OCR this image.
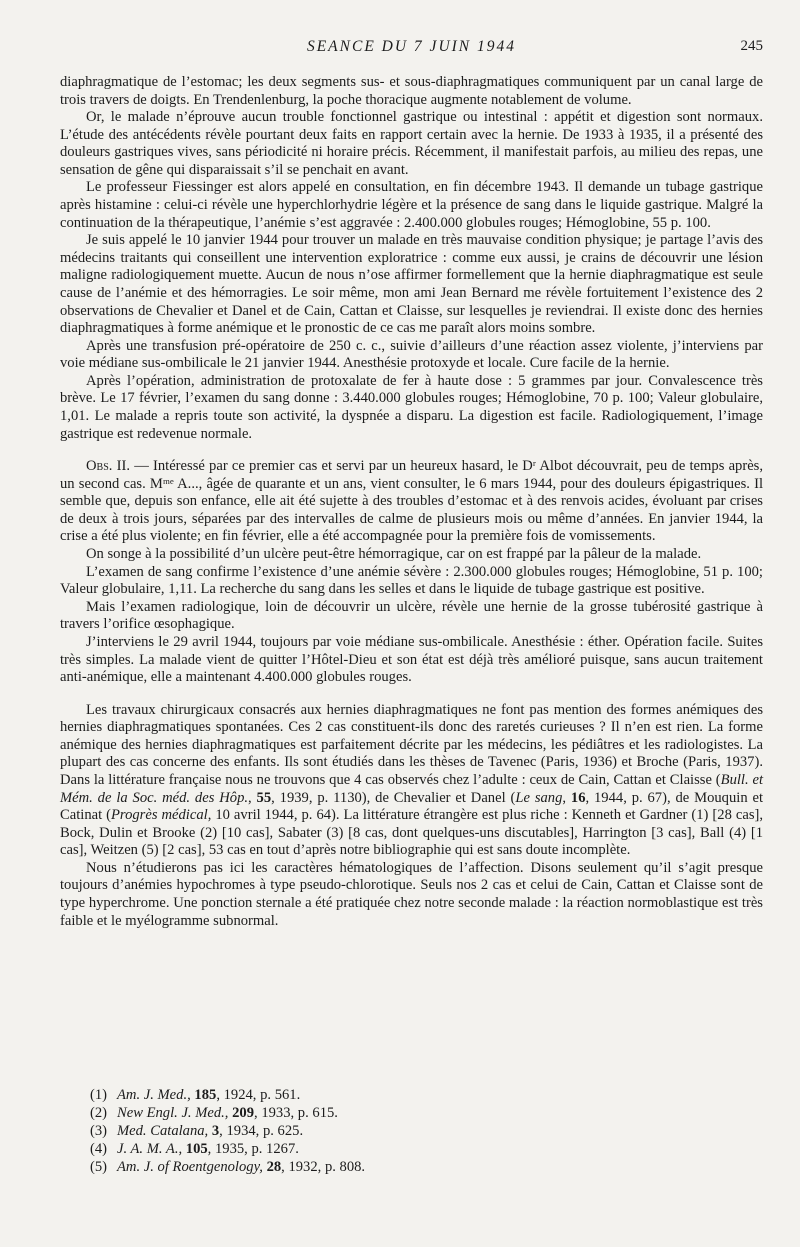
SEANCE DU 7 JUIN 1944	245

diaphragmatique de l’estomac; les deux segments sus- et sous-diaphragmatiques communiquent par un canal large de trois travers de doigts. En Trendenlenburg, la poche thoracique augmente notablement de volume.

Or, le malade n’éprouve aucun trouble fonctionnel gastrique ou intestinal : appétit et digestion sont normaux. L’étude des antécédents révèle pourtant deux faits en rapport certain avec la hernie. De 1933 à 1935, il a présenté des douleurs gastriques vives, sans périodicité ni horaire précis. Récemment, il manifestait parfois, au milieu des repas, une sensation de gêne qui disparaissait s’il se penchait en avant.

Le professeur Fiessinger est alors appelé en consultation, en fin décembre 1943. Il demande un tubage gastrique après histamine : celui-ci révèle une hyperchlorhydrie légère et la présence de sang dans le liquide gastrique. Malgré la continuation de la thérapeutique, l’anémie s’est aggravée : 2.400.000 globules rouges; Hémoglobine, 55 p. 100.

Je suis appelé le 10 janvier 1944 pour trouver un malade en très mauvaise condition physique; je partage l’avis des médecins traitants qui conseillent une intervention exploratrice : comme eux aussi, je crains de découvrir une lésion maligne radiologiquement muette. Aucun de nous n’ose affirmer formellement que la hernie diaphragmatique est seule cause de l’anémie et des hémorragies. Le soir même, mon ami Jean Bernard me révèle fortuitement l’existence des 2 observations de Chevalier et Danel et de Cain, Cattan et Claisse, sur lesquelles je reviendrai. Il existe donc des hernies diaphragmatiques à forme anémique et le pronostic de ce cas me paraît alors moins sombre.

Après une transfusion pré-opératoire de 250 c. c., suivie d’ailleurs d’une réaction assez violente, j’interviens par voie médiane sus-ombilicale le 21 janvier 1944. Anesthésie protoxyde et locale. Cure facile de la hernie.

Après l’opération, administration de protoxalate de fer à haute dose : 5 grammes par jour. Convalescence très brève. Le 17 février, l’examen du sang donne : 3.440.000 globules rouges; Hémoglobine, 70 p. 100; Valeur globulaire, 1,01. Le malade a repris toute son activité, la dyspnée a disparu. La digestion est facile. Radiologiquement, l’image gastrique est redevenue normale.

Obs. II. — Intéressé par ce premier cas et servi par un heureux hasard, le Dʳ Albot découvrait, peu de temps après, un second cas. Mᵐᵉ A..., âgée de quarante et un ans, vient consulter, le 6 mars 1944, pour des douleurs épigastriques. Il semble que, depuis son enfance, elle ait été sujette à des troubles d’estomac et à des renvois acides, évoluant par crises de deux à trois jours, séparées par des intervalles de calme de plusieurs mois ou même d’années. En janvier 1944, la crise a été plus violente; en fin février, elle a été accompagnée pour la première fois de vomissements.

On songe à la possibilité d’un ulcère peut-être hémorragique, car on est frappé par la pâleur de la malade.

L’examen de sang confirme l’existence d’une anémie sévère : 2.300.000 globules rouges; Hémoglobine, 51 p. 100; Valeur globulaire, 1,11. La recherche du sang dans les selles et dans le liquide de tubage gastrique est positive.

Mais l’examen radiologique, loin de découvrir un ulcère, révèle une hernie de la grosse tubérosité gastrique à travers l’orifice œsophagique.

J’interviens le 29 avril 1944, toujours par voie médiane sus-ombilicale. Anesthésie : éther. Opération facile. Suites très simples. La malade vient de quitter l’Hôtel-Dieu et son état est déjà très amélioré puisque, sans aucun traitement anti-anémique, elle a maintenant 4.400.000 globules rouges.

Les travaux chirurgicaux consacrés aux hernies diaphragmatiques ne font pas mention des formes anémiques des hernies diaphragmatiques spontanées. Ces 2 cas constituent-ils donc des raretés curieuses ? Il n’en est rien. La forme anémique des hernies diaphragmatiques est parfaitement décrite par les médecins, les pédiâtres et les radiologistes. La plupart des cas concerne des enfants. Ils sont étudiés dans les thèses de Tavenec (Paris, 1936) et Broche (Paris, 1937). Dans la littérature française nous ne trouvons que 4 cas observés chez l’adulte : ceux de Cain, Cattan et Claisse (Bull. et Mém. de la Soc. méd. des Hôp., 55, 1939, p. 1130), de Chevalier et Danel (Le sang, 16, 1944, p. 67), de Mouquin et Catinat (Progrès médical, 10 avril 1944, p. 64). La littérature étrangère est plus riche : Kenneth et Gardner (1) [28 cas], Bock, Dulin et Brooke (2) [10 cas], Sabater (3) [8 cas, dont quelques-uns discutables], Harrington [3 cas], Ball (4) [1 cas], Weitzen (5) [2 cas], 53 cas en tout d’après notre bibliographie qui est sans doute incomplète.

Nous n’étudierons pas ici les caractères hématologiques de l’affection. Disons seulement qu’il s’agit presque toujours d’anémies hypochromes à type pseudo-chlorotique. Seuls nos 2 cas et celui de Cain, Cattan et Claisse sont de type hyperchrome. Une ponction sternale a été pratiquée chez notre seconde malade : la réaction normoblastique est très faible et le myélogramme subnormal.

(1) Am. J. Med., 185, 1924, p. 561.
(2) New Engl. J. Med., 209, 1933, p. 615.
(3) Med. Catalana, 3, 1934, p. 625.
(4) J. A. M. A., 105, 1935, p. 1267.
(5) Am. J. of Roentgenology, 28, 1932, p. 808.
